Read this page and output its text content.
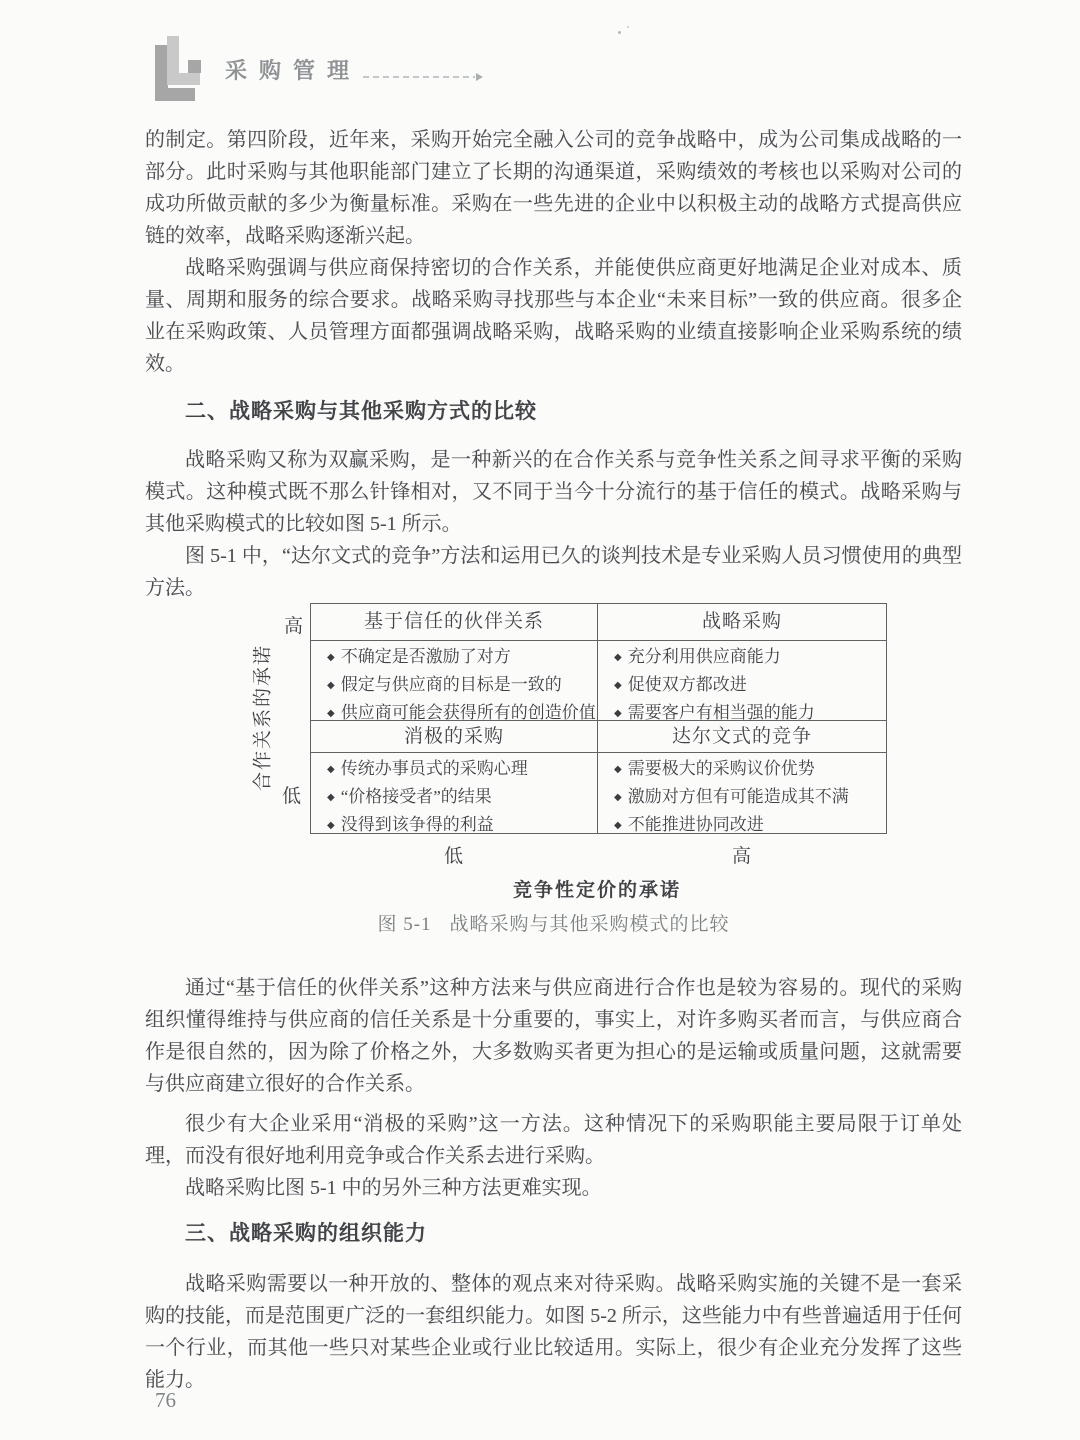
采购管理

的制定。第四阶段，近年来，采购开始完全融入公司的竞争战略中，成为公司集成战略的一部分。此时采购与其他职能部门建立了长期的沟通渠道，采购绩效的考核也以采购对公司的成功所做贡献的多少为衡量标准。采购在一些先进的企业中以积极主动的战略方式提高供应链的效率，战略采购逐渐兴起。

战略采购强调与供应商保持密切的合作关系，并能使供应商更好地满足企业对成本、质量、周期和服务的综合要求。战略采购寻找那些与本企业“未来目标”一致的供应商。很多企业在采购政策、人员管理方面都强调战略采购，战略采购的业绩直接影响企业采购系统的绩效。

二、战略采购与其他采购方式的比较

战略采购又称为双赢采购，是一种新兴的在合作关系与竞争性关系之间寻求平衡的采购模式。这种模式既不那么针锋相对，又不同于当今十分流行的基于信任的模式。战略采购与其他采购模式的比较如图 5-1 所示。

图 5-1 中，“达尔文式的竞争”方法和运用已久的谈判技术是专业采购人员习惯使用的典型方法。

合作关系的承诺
高
低
基于信任的伙伴关系	战略采购
◆ 不确定是否激励了对方
◆ 假定与供应商的目标是一致的
◆ 供应商可能会获得所有的创造价值
◆ 充分利用供应商能力
◆ 促使双方都改进
◆ 需要客户有相当强的能力
消极的采购	达尔文式的竞争
◆ 传统办事员式的采购心理
◆ “价格接受者”的结果
◆ 没得到该争得的利益
◆ 需要极大的采购议价优势
◆ 激励对方但有可能造成其不满
◆ 不能推进协同改进
低	高
竞争性定价的承诺
图 5-1 战略采购与其他采购模式的比较

通过“基于信任的伙伴关系”这种方法来与供应商进行合作也是较为容易的。现代的采购组织懂得维持与供应商的信任关系是十分重要的，事实上，对许多购买者而言，与供应商合作是很自然的，因为除了价格之外，大多数购买者更为担心的是运输或质量问题，这就需要与供应商建立很好的合作关系。

很少有大企业采用“消极的采购”这一方法。这种情况下的采购职能主要局限于订单处理，而没有很好地利用竞争或合作关系去进行采购。

战略采购比图 5-1 中的另外三种方法更难实现。

三、战略采购的组织能力

战略采购需要以一种开放的、整体的观点来对待采购。战略采购实施的关键不是一套采购的技能，而是范围更广泛的一套组织能力。如图 5-2 所示，这些能力中有些普遍适用于任何一个行业，而其他一些只对某些企业或行业比较适用。实际上，很少有企业充分发挥了这些能力。

76
